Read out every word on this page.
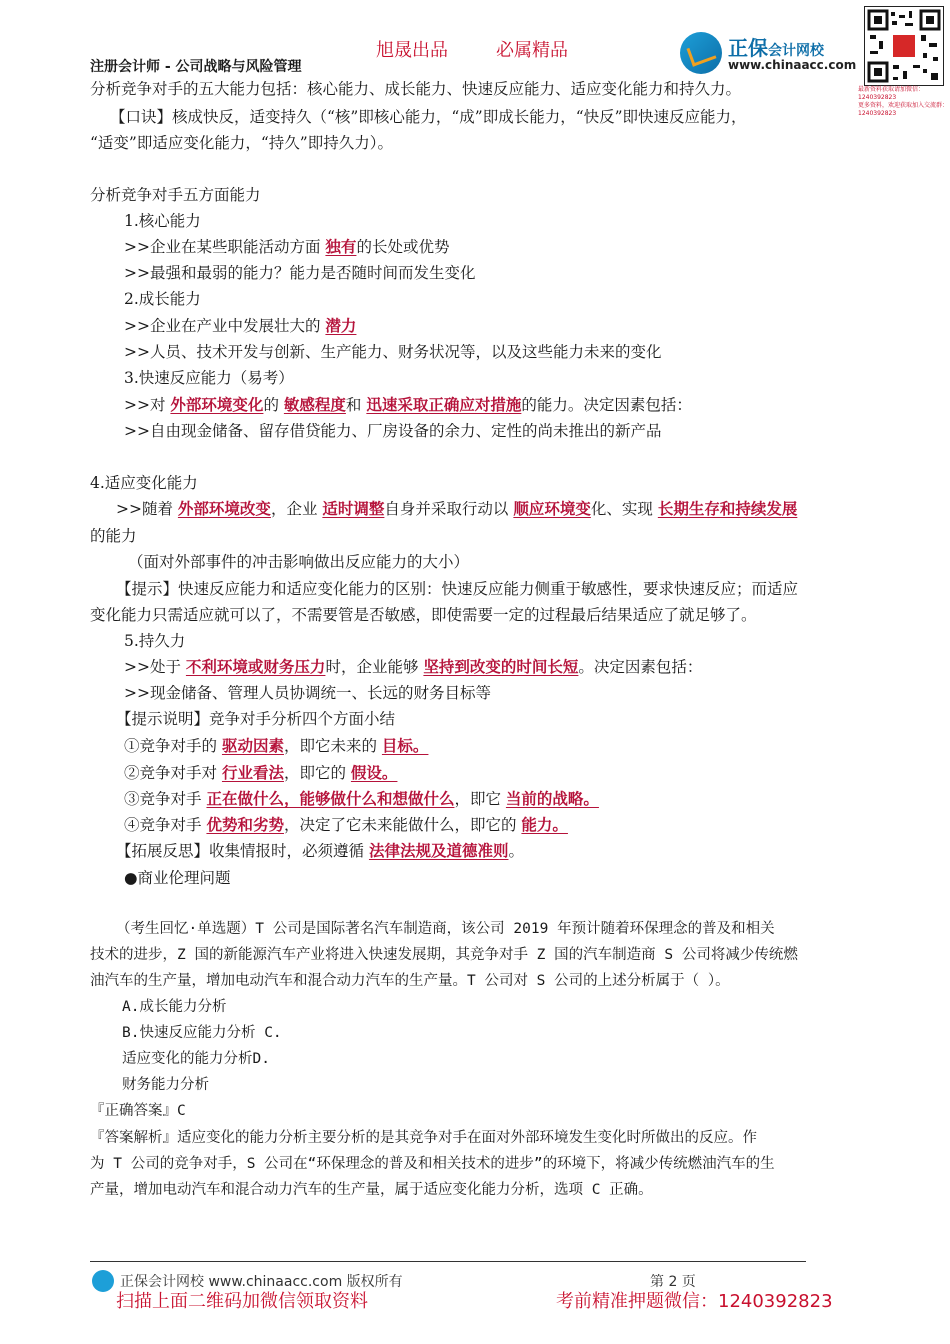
旭晟出品	必属精品
注册会计师 - 公司战略与风险管理
正保会计网校
www.chinaacc.com
最新资料获取请加微信：1240392823
更多资料，欢迎获取加入交流群：1240392823
分析竞争对手的五大能力包括：核心能力、成长能力、快速反应能力、适应变化能力和持久力。
【口诀】核成快反，适变持久（“核”即核心能力，“成”即成长能力，“快反”即快速反应能力，
“适变”即适应变化能力，“持久”即持久力）。
分析竞争对手五方面能力
1.核心能力
>>企业在某些职能活动方面 独有的长处或优势
>>最强和最弱的能力？能力是否随时间而发生变化
2.成长能力
>>企业在产业中发展壮大的 潜力
>>人员、技术开发与创新、生产能力、财务状况等，以及这些能力未来的变化
3.快速反应能力（易考）
>>对 外部环境变化的 敏感程度和 迅速采取正确应对措施的能力。决定因素包括：
>>自由现金储备、留存借贷能力、厂房设备的余力、定性的尚未推出的新产品
4.适应变化能力
>>随着 外部环境改变，企业 适时调整自身并采取行动以 顺应环境变化、实现 长期生存和持续发展
的能力
（面对外部事件的冲击影响做出反应能力的大小）
【提示】快速反应能力和适应变化能力的区别：快速反应能力侧重于敏感性，要求快速反应；而适应
变化能力只需适应就可以了，不需要管是否敏感，即使需要一定的过程最后结果适应了就足够了。
5.持久力
>>处于 不利环境或财务压力时，企业能够 坚持到改变的时间长短。决定因素包括：
>>现金储备、管理人员协调统一、长远的财务目标等
【提示说明】竞争对手分析四个方面小结
①竞争对手的 驱动因素，即它未来的 目标。
②竞争对手对 行业看法，即它的 假设。
③竞争对手 正在做什么，能够做什么和想做什么，即它 当前的战略。
④竞争对手 优势和劣势，决定了它未来能做什么，即它的 能力。
【拓展反思】收集情报时，必须遵循 法律法规及道德准则。
●商业伦理问题
（考生回忆·单选题）T 公司是国际著名汽车制造商，该公司 2019 年预计随着环保理念的普及和相关
技术的进步，Z 国的新能源汽车产业将进入快速发展期，其竞争对手 Z 国的汽车制造商 S 公司将减少传统燃
油汽车的生产量，增加电动汽车和混合动力汽车的生产量。T 公司对 S 公司的上述分析属于（ ）。
A.成长能力分析
B.快速反应能力分析 C.
适应变化的能力分析D.
财务能力分析
『正确答案』C
『答案解析』适应变化的能力分析主要分析的是其竞争对手在面对外部环境发生变化时所做出的反应。作
为 T 公司的竞争对手，S 公司在“环保理念的普及和相关技术的进步”的环境下，将减少传统燃油汽车的生
产量，增加电动汽车和混合动力汽车的生产量，属于适应变化能力分析，选项 C 正确。
正保会计网校 www.chinaacc.com 版权所有	第 2 页
扫描上面二维码加微信领取资料	考前精准押题微信：1240392823
